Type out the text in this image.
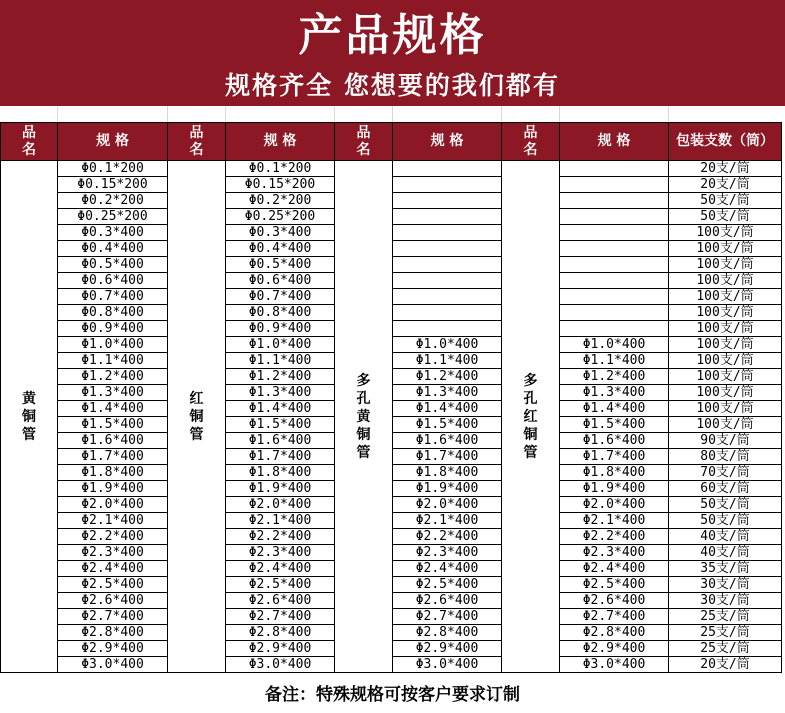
产品规格
规格齐全 您想要的我们都有
品名	规 格	品名	规 格	品名	规 格	品名	规 格	包装支数（筒）
黄铜管	Φ0.1*200	红铜管	Φ0.1*200	多孔黄铜管		多孔红铜管		20支/筒
	Φ0.15*200		Φ0.15*200					20支/筒
	Φ0.2*200		Φ0.2*200					50支/筒
	Φ0.25*200		Φ0.25*200					50支/筒
	Φ0.3*400		Φ0.3*400					100支/筒
	Φ0.4*400		Φ0.4*400					100支/筒
	Φ0.5*400		Φ0.5*400					100支/筒
	Φ0.6*400		Φ0.6*400					100支/筒
	Φ0.7*400		Φ0.7*400					100支/筒
	Φ0.8*400		Φ0.8*400					100支/筒
	Φ0.9*400		Φ0.9*400					100支/筒
	Φ1.0*400		Φ1.0*400		Φ1.0*400		Φ1.0*400	100支/筒
	Φ1.1*400		Φ1.1*400		Φ1.1*400		Φ1.1*400	100支/筒
	Φ1.2*400		Φ1.2*400		Φ1.2*400		Φ1.2*400	100支/筒
	Φ1.3*400		Φ1.3*400		Φ1.3*400		Φ1.3*400	100支/筒
	Φ1.4*400		Φ1.4*400		Φ1.4*400		Φ1.4*400	100支/筒
	Φ1.5*400		Φ1.5*400		Φ1.5*400		Φ1.5*400	100支/筒
	Φ1.6*400		Φ1.6*400		Φ1.6*400		Φ1.6*400	90支/筒
	Φ1.7*400		Φ1.7*400		Φ1.7*400		Φ1.7*400	80支/筒
	Φ1.8*400		Φ1.8*400		Φ1.8*400		Φ1.8*400	70支/筒
	Φ1.9*400		Φ1.9*400		Φ1.9*400		Φ1.9*400	60支/筒
	Φ2.0*400		Φ2.0*400		Φ2.0*400		Φ2.0*400	50支/筒
	Φ2.1*400		Φ2.1*400		Φ2.1*400		Φ2.1*400	50支/筒
	Φ2.2*400		Φ2.2*400		Φ2.2*400		Φ2.2*400	40支/筒
	Φ2.3*400		Φ2.3*400		Φ2.3*400		Φ2.3*400	40支/筒
	Φ2.4*400		Φ2.4*400		Φ2.4*400		Φ2.4*400	35支/筒
	Φ2.5*400		Φ2.5*400		Φ2.5*400		Φ2.5*400	30支/筒
	Φ2.6*400		Φ2.6*400		Φ2.6*400		Φ2.6*400	30支/筒
	Φ2.7*400		Φ2.7*400		Φ2.7*400		Φ2.7*400	25支/筒
	Φ2.8*400		Φ2.8*400		Φ2.8*400		Φ2.8*400	25支/筒
	Φ2.9*400		Φ2.9*400		Φ2.9*400		Φ2.9*400	25支/筒
	Φ3.0*400		Φ3.0*400		Φ3.0*400		Φ3.0*400	20支/筒
备注：特殊规格可按客户要求订制
